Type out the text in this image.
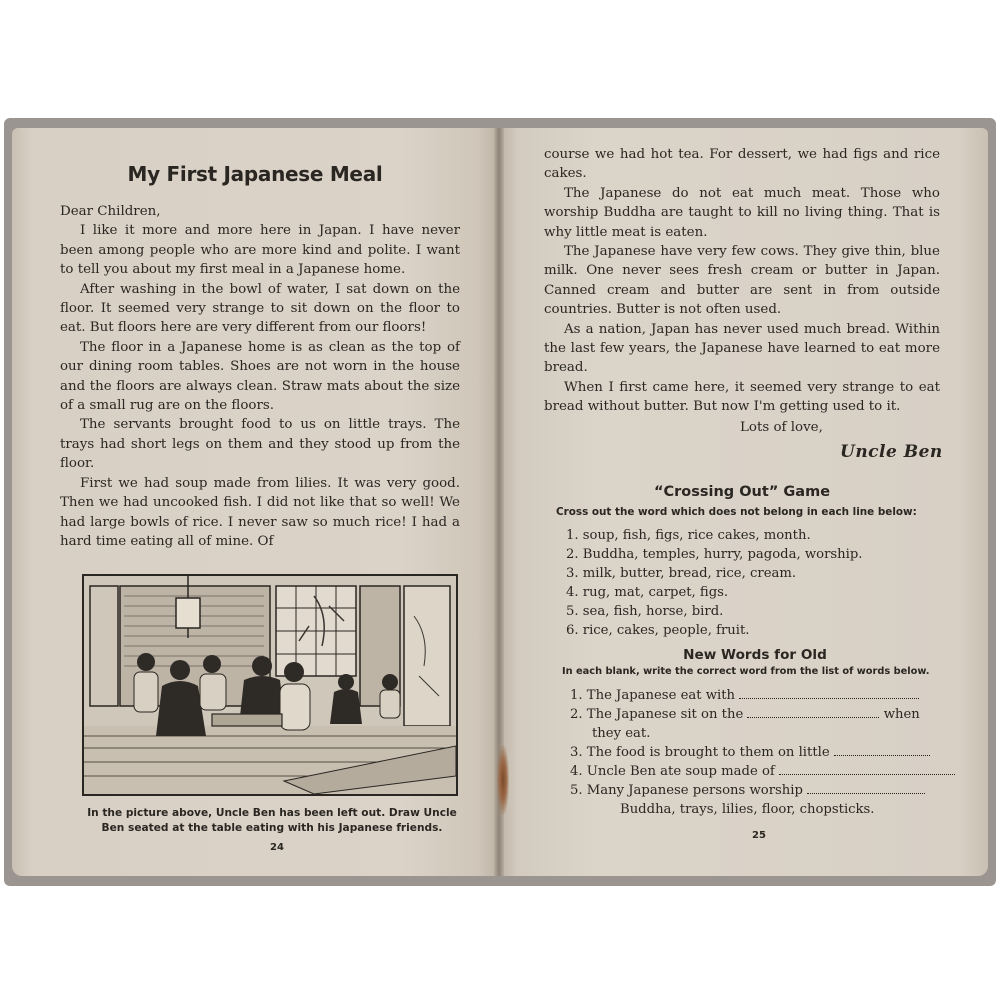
My First Japanese Meal

Dear Children,

I like it more and more here in Japan. I have never been among people who are more kind and polite. I want to tell you about my first meal in a Japanese home.

After washing in the bowl of water, I sat down on the floor. It seemed very strange to sit down on the floor to eat. But floors here are very different from our floors!

The floor in a Japanese home is as clean as the top of our dining room tables. Shoes are not worn in the house and the floors are always clean. Straw mats about the size of a small rug are on the floors.

The servants brought food to us on little trays. The trays had short legs on them and they stood up from the floor.

First we had soup made from lilies. It was very good. Then we had uncooked fish. I did not like that so well! We had large bowls of rice. I never saw so much rice! I had a hard time eating all of mine. Of

In the picture above, Uncle Ben has been left out. Draw Uncle Ben seated at the table eating with his Japanese friends.
24

course we had hot tea. For dessert, we had figs and rice cakes.

The Japanese do not eat much meat. Those who worship Buddha are taught to kill no living thing. That is why little meat is eaten.

The Japanese have very few cows. They give thin, blue milk. One never sees fresh cream or butter in Japan. Canned cream and butter are sent in from outside countries. Butter is not often used.

As a nation, Japan has never used much bread. Within the last few years, the Japanese have learned to eat more bread.

When I first came here, it seemed very strange to eat bread without butter. But now I'm getting used to it.

Lots of love,
Uncle Ben
“Crossing Out” Game
Cross out the word which does not belong in each line below:
1. soup, fish, figs, rice cakes, month.
2. Buddha, temples, hurry, pagoda, worship.
3. milk, butter, bread, rice, cream.
4. rug, mat, carpet, figs.
5. sea, fish, horse, bird.
6. rice, cakes, people, fruit.
New Words for Old
In each blank, write the correct word from the list of words below.
1. The Japanese eat with
2. The Japanese sit on the	when
they eat.
3. The food is brought to them on little
4. Uncle Ben ate soup made of
5. Many Japanese persons worship
Buddha, trays, lilies, floor, chopsticks.
25
